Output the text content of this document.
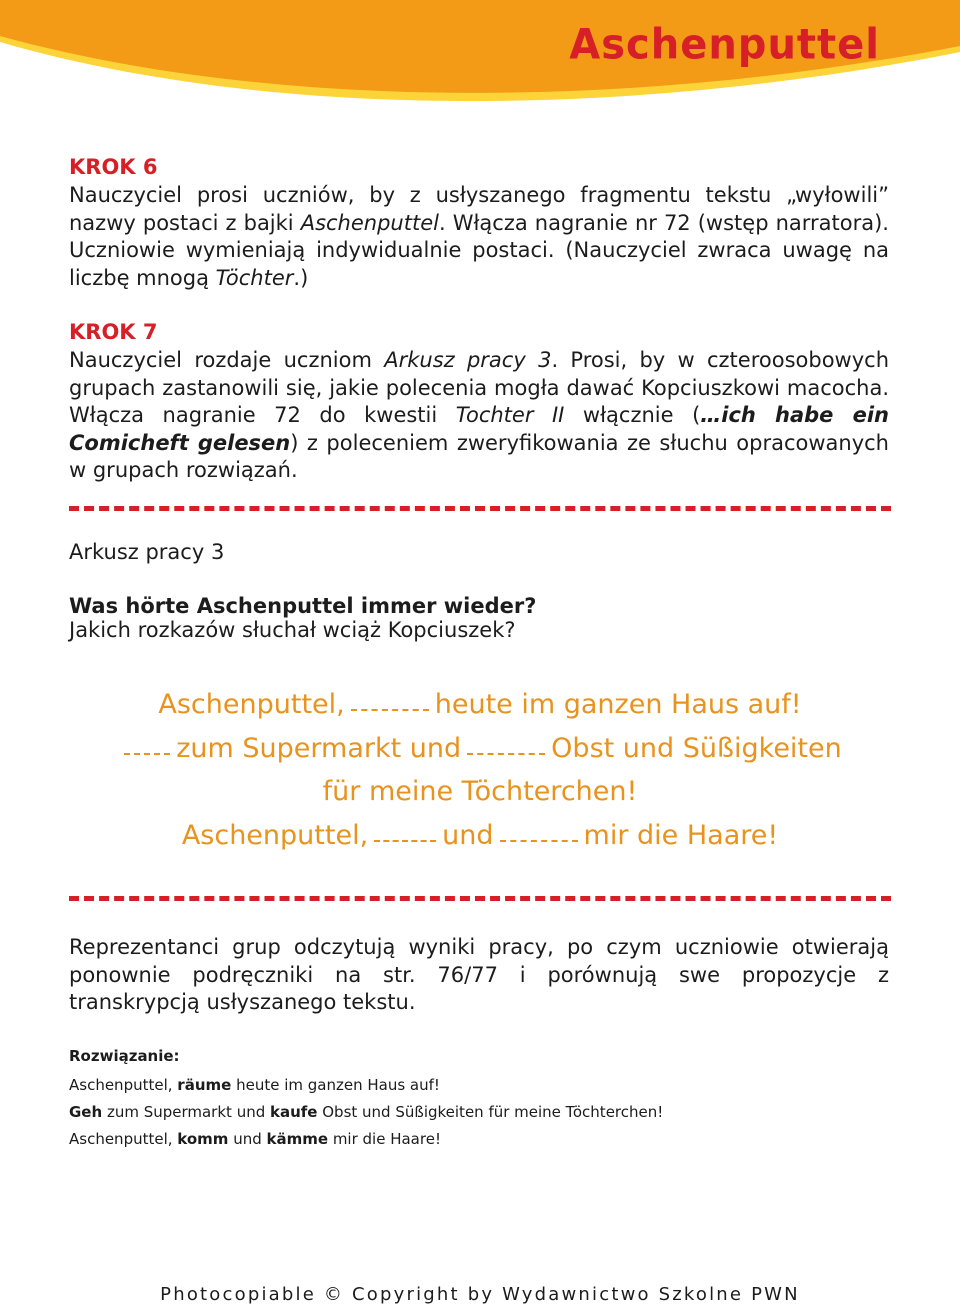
Aschenputtel
KROK 6

Nauczyciel prosi uczniów, by z usłyszanego fragmentu tekstu „wyłowili” nazwy postaci z bajki Aschenputtel. Włącza nagranie nr 72 (wstęp narratora). Uczniowie wymieniają indywidualnie postaci. (Nauczyciel zwraca uwagę na liczbę mnogą Töchter.)

KROK 7

Nauczyciel rozdaje uczniom Arkusz pracy 3. Prosi, by w czteroosobowych grupach zastanowili się, jakie polecenia mogła dawać Kopciuszkowi macocha. Włącza nagranie 72 do kwestii Tochter II włącznie (…ich habe ein Comicheft gelesen) z poleceniem zweryfikowania ze słuchu opracowanych w grupach rozwiązań.

Arkusz pracy 3
Was hörte Aschenputtel immer wieder?
Jakich rozkazów słuchał wciąż Kopciuszek?
Aschenputtel,	heute im ganzen Haus auf!
zum Supermarkt und	Obst und Süßigkeiten
für meine Töchterchen!
Aschenputtel,	und	mir die Haare!

Reprezentanci grup odczytują wyniki pracy, po czym uczniowie otwierają ponownie podręczniki na str. 76/77 i porównują swe propozycje z transkrypcją usłyszanego tekstu.

Rozwiązanie:
Aschenputtel, räume heute im ganzen Haus auf!
Geh zum Supermarkt und kaufe Obst und Süßigkeiten für meine Töchterchen!
Aschenputtel, komm und kämme mir die Haare!
Photocopiable © Copyright by Wydawnictwo Szkolne PWN
